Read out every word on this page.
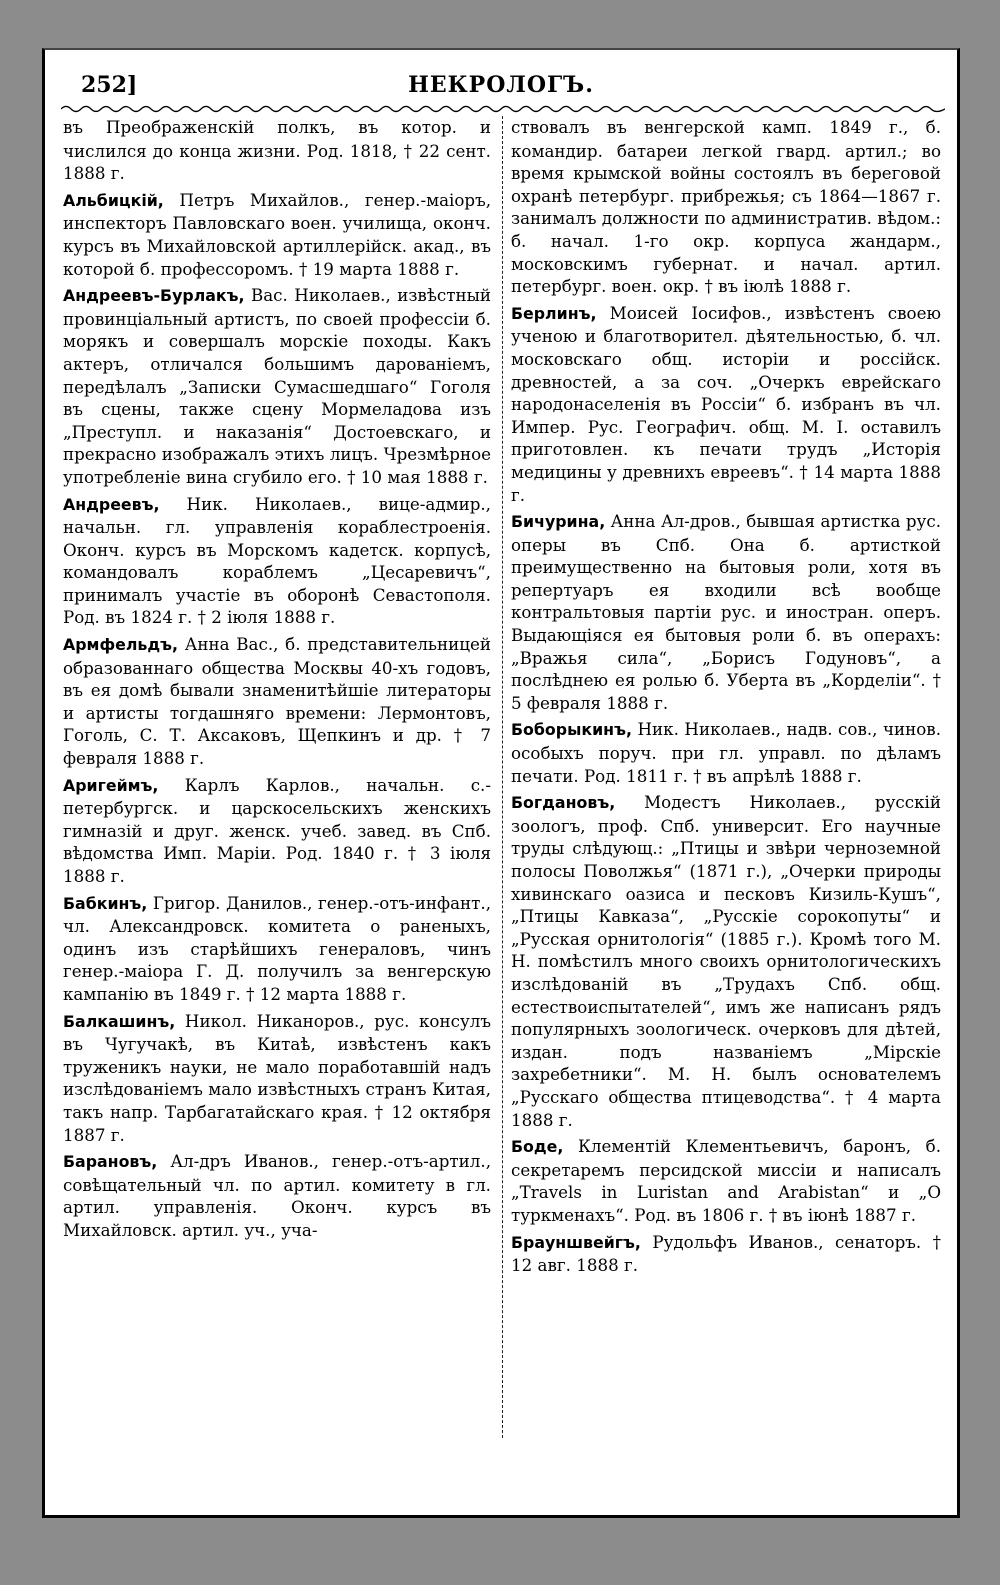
252]	НЕКРОЛОГЪ.

въ Преображенскій полкъ, въ котор. и числился до конца жизни. Род. 1818, † 22 сент. 1888 г.

Альбицкій, Петръ Михайлов., генер.-маіоръ, инспекторъ Павловскаго воен. училища, оконч. курсъ въ Михайловской артиллерійск. акад., въ которой б. профессоромъ. † 19 марта 1888 г.

Андреевъ-Бурлакъ, Вас. Николаев., извѣстный провинціальный артистъ, по своей профессіи б. морякъ и совершалъ морскіе походы. Какъ актеръ, отличался большимъ дарованіемъ, передѣлалъ „Записки Сумасшедшаго“ Гоголя въ сцены, также сцену Мормеладова изъ „Преступл. и наказанія“ Достоевскаго, и прекрасно изображалъ этихъ лицъ. Чрезмѣрное употребленіе вина сгубило его. † 10 мая 1888 г.

Андреевъ, Ник. Николаев., вице-адмир., начальн. гл. управленія кораблестроенія. Оконч. курсъ въ Морскомъ кадетск. корпусѣ, командовалъ кораблемъ „Цесаревичъ“, принималъ участіе въ оборонѣ Севастополя. Род. въ 1824 г. † 2 іюля 1888 г.

Армфельдъ, Анна Вас., б. представительницей образованнаго общества Москвы 40-хъ годовъ, въ ея домѣ бывали знаменитѣйшіе литераторы и артисты тогдашняго времени: Лермонтовъ, Гоголь, С. Т. Аксаковъ, Щепкинъ и др. † 7 февраля 1888 г.

Аригеймъ, Карлъ Карлов., начальн. с.-петербургск. и царскосельскихъ женскихъ гимназій и друг. женск. учеб. завед. въ Спб. вѣдомства Имп. Маріи. Род. 1840 г. † 3 іюля 1888 г.

Бабкинъ, Григор. Данилов., генер.-отъ-инфант., чл. Александровск. комитета о раненыхъ, одинъ изъ старѣйшихъ генераловъ, чинъ генер.-маіора Г. Д. получилъ за венгерскую кампанію въ 1849 г. † 12 марта 1888 г.

Балкашинъ, Никол. Никаноров., рус. консулъ въ Чугучакѣ, въ Китаѣ, извѣстенъ какъ труженикъ науки, не мало поработавшій надъ изслѣдованіемъ мало извѣстныхъ странъ Китая, такъ напр. Тарбагатайскаго края. † 12 октября 1887 г.

Барановъ, Ал-дръ Иванов., генер.-отъ-артил., совѣщательный чл. по артил. комитету в гл. артил. управленія. Оконч. курсъ въ Михайловск. артил. уч., уча-

ствовалъ въ венгерской камп. 1849 г., б. командир. батареи легкой гвард. артил.; во время крымской войны состоялъ въ береговой охранѣ петербург. прибрежья; съ 1864—1867 г. занималъ должности по административ. вѣдом.: б. начал. 1-го окр. корпуса жандарм., московскимъ губернат. и начал. артил. петербург. воен. окр. † въ іюлѣ 1888 г.

Берлинъ, Моисей Іосифов., извѣстенъ своею ученою и благотворител. дѣятельностью, б. чл. московскаго общ. исторіи и россійск. древностей, а за соч. „Очеркъ еврейскаго народонаселенія въ Россіи“ б. избранъ въ чл. Импер. Рус. Географич. общ. М. І. оставилъ приготовлен. къ печати трудъ „Исторія медицины у древнихъ евреевъ“. † 14 марта 1888 г.

Бичурина, Анна Ал-дров., бывшая артистка рус. оперы въ Спб. Она б. артисткой преимущественно на бытовыя роли, хотя въ репертуаръ ея входили всѣ вообще контральтовыя партіи рус. и иностран. оперъ. Выдающіяся ея бытовыя роли б. въ операхъ: „Вражья сила“, „Борисъ Годуновъ“, а послѣднею ея ролью б. Уберта въ „Корделіи“. † 5 февраля 1888 г.

Боборыкинъ, Ник. Николаев., надв. сов., чинов. особыхъ поруч. при гл. управл. по дѣламъ печати. Род. 1811 г. † въ апрѣлѣ 1888 г.

Богдановъ, Модестъ Николаев., русскій зоологъ, проф. Спб. университ. Его научные труды слѣдующ.: „Птицы и звѣри черноземной полосы Поволжья“ (1871 г.), „Очерки природы хивинскаго оазиса и песковъ Кизиль-Кушъ“, „Птицы Кавказа“, „Русскіе сорокопуты“ и „Русская орнитологія“ (1885 г.). Кромѣ того М. Н. помѣстилъ много своихъ орнитологическихъ изслѣдованій въ „Трудахъ Спб. общ. естествоиспытателей“, имъ же написанъ рядъ популярныхъ зоологическ. очерковъ для дѣтей, издан. подъ названіемъ „Мірскіе захребетники“. М. Н. былъ основателемъ „Русскаго общества птицеводства“. † 4 марта 1888 г.

Боде, Клементій Клементьевичъ, баронъ, б. секретаремъ персидской миссіи и написалъ „Travels in Luristan and Arabistan“ и „О туркменахъ“. Род. въ 1806 г. † въ іюнѣ 1887 г.

Брауншвейгъ, Рудольфъ Иванов., сенаторъ. † 12 авг. 1888 г.
